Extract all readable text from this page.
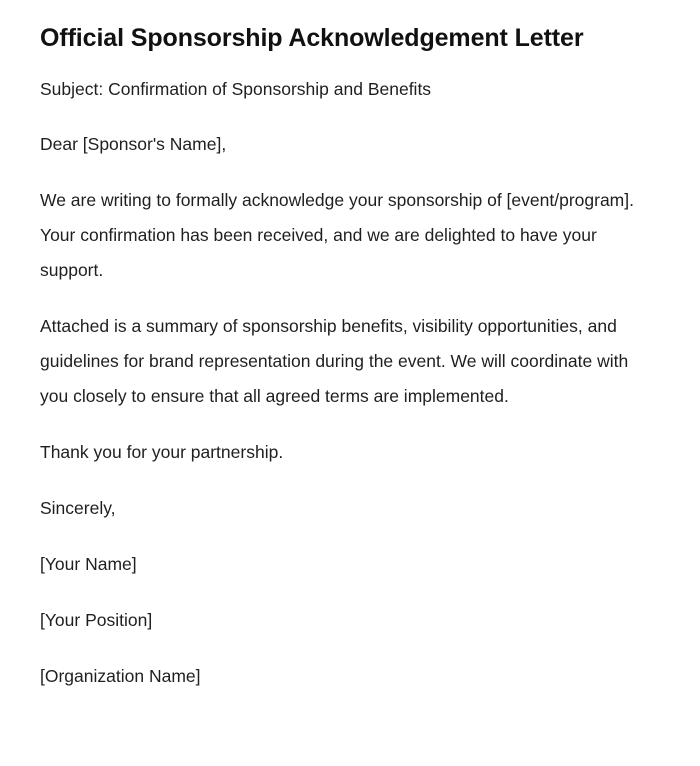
Official Sponsorship Acknowledgement Letter

Subject: Confirmation of Sponsorship and Benefits

Dear [Sponsor's Name],

We are writing to formally acknowledge your sponsorship of [event/program]. Your confirmation has been received, and we are delighted to have your support.

Attached is a summary of sponsorship benefits, visibility opportunities, and guidelines for brand representation during the event. We will coordinate with you closely to ensure that all agreed terms are implemented.

Thank you for your partnership.

Sincerely,

[Your Name]

[Your Position]

[Organization Name]
